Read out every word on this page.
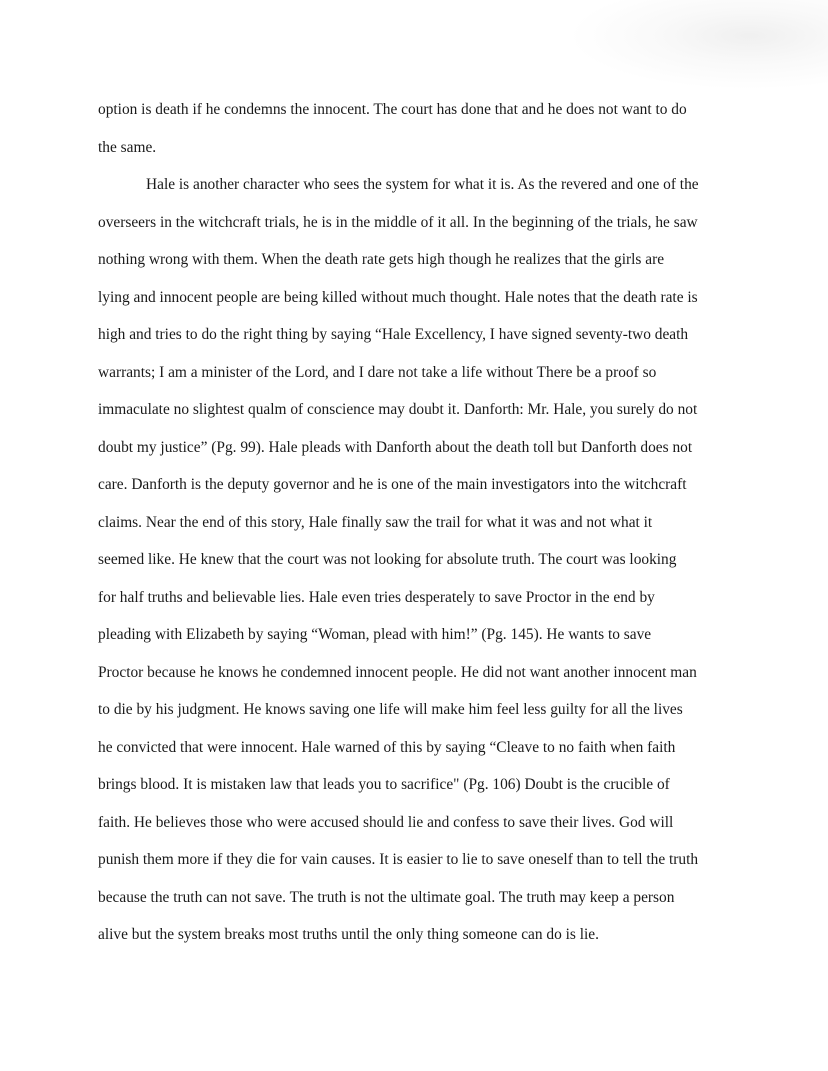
option is death if he condemns the innocent. The court has done that and he does not want to do
the same.
Hale is another character who sees the system for what it is. As the revered and one of the
overseers in the witchcraft trials, he is in the middle of it all. In the beginning of the trials, he saw
nothing wrong with them. When the death rate gets high though he realizes that the girls are
lying and innocent people are being killed without much thought. Hale notes that the death rate is
high and tries to do the right thing by saying “Hale Excellency, I have signed seventy-two death
warrants; I am a minister of the Lord, and I dare not take a life without There be a proof so
immaculate no slightest qualm of conscience may doubt it. Danforth: Mr. Hale, you surely do not
doubt my justice” (Pg. 99). Hale pleads with Danforth about the death toll but Danforth does not
care. Danforth is the deputy governor and he is one of the main investigators into the witchcraft
claims. Near the end of this story, Hale finally saw the trail for what it was and not what it
seemed like. He knew that the court was not looking for absolute truth. The court was looking
for half truths and believable lies. Hale even tries desperately to save Proctor in the end by
pleading with Elizabeth by saying “Woman, plead with him!” (Pg. 145). He wants to save
Proctor because he knows he condemned innocent people. He did not want another innocent man
to die by his judgment. He knows saving one life will make him feel less guilty for all the lives
he convicted that were innocent. Hale warned of this by saying “Cleave to no faith when faith
brings blood. It is mistaken law that leads you to sacrifice" (Pg. 106) Doubt is the crucible of
faith. He believes those who were accused should lie and confess to save their lives. God will
punish them more if they die for vain causes. It is easier to lie to save oneself than to tell the truth
because the truth can not save. The truth is not the ultimate goal. The truth may keep a person
alive but the system breaks most truths until the only thing someone can do is lie.
